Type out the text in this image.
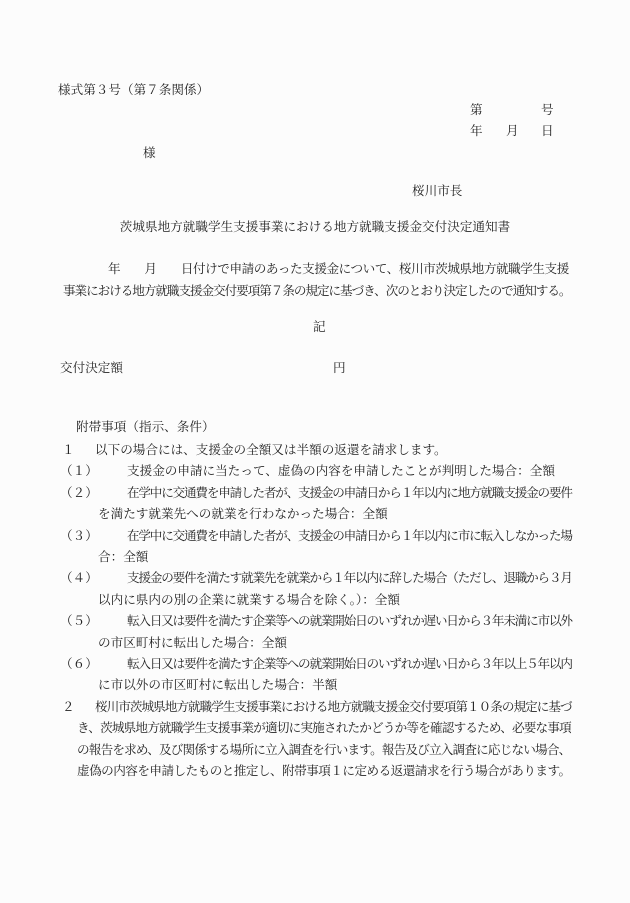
様式第３号（第７条関係）
第	号
年 月 日
様
桜川市長
茨城県地方就職学生支援事業における地方就職支援金交付決定通知書
年　　月　　日付けで申請のあった支援金について、桜川市茨城県地方就職学生支援
事業における地方就職支援金交付要項第７条の規定に基づき、次のとおり決定したので通知する。
記
交付決定額	円
附帯事項（指示、条件）
１ 以下の場合には、支援金の全額又は半額の返還を請求します。
（１） 支援金の申請に当たって、虚偽の内容を申請したことが判明した場合：全額
（２） 在学中に交通費を申請した者が、支援金の申請日から１年以内に地方就職支援金の要件
を満たす就業先への就業を行わなかった場合：全額
（３） 在学中に交通費を申請した者が、支援金の申請日から１年以内に市に転入しなかった場
合：全額
（４） 支援金の要件を満たす就業先を就業から１年以内に辞した場合（ただし、退職から３月
以内に県内の別の企業に就業する場合を除く。）：全額
（５） 転入日又は要件を満たす企業等への就業開始日のいずれか遅い日から３年未満に市以外
の市区町村に転出した場合：全額
（６） 転入日又は要件を満たす企業等への就業開始日のいずれか遅い日から３年以上５年以内
に市以外の市区町村に転出した場合：半額
２ 桜川市茨城県地方就職学生支援事業における地方就職支援金交付要項第１０条の規定に基づ
き、茨城県地方就職学生支援事業が適切に実施されたかどうか等を確認するため、必要な事項
の報告を求め、及び関係する場所に立入調査を行います。報告及び立入調査に応じない場合、
虚偽の内容を申請したものと推定し、附帯事項１に定める返還請求を行う場合があります。
